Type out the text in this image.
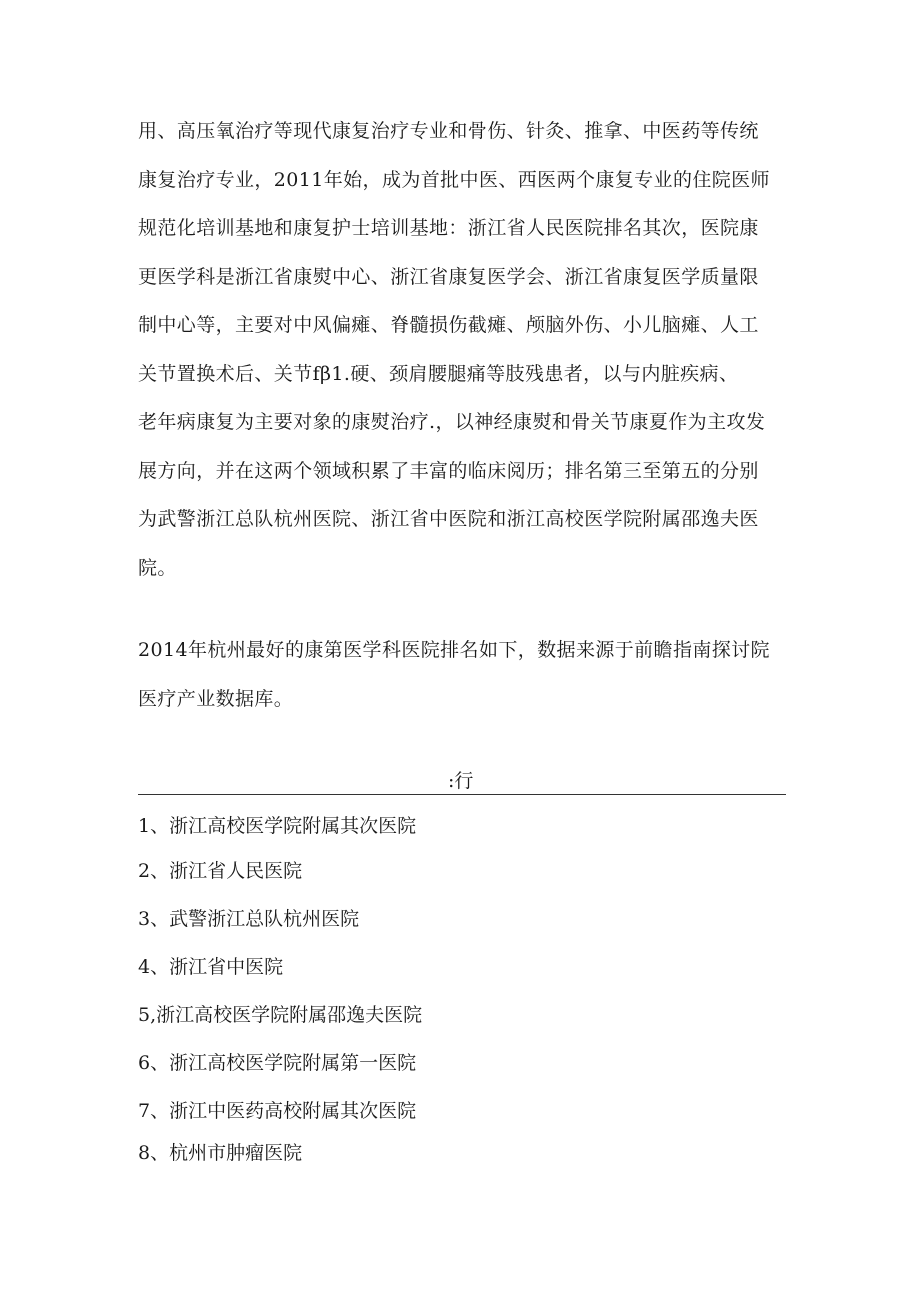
用、高压氧治疗等现代康复治疗专业和骨伤、针灸、推拿、中医药等传统
康复治疗专业，2011年始，成为首批中医、西医两个康复专业的住院医师
规范化培训基地和康复护士培训基地：浙江省人民医院排名其次，医院康
更医学科是浙江省康熨中心、浙江省康复医学会、浙江省康复医学质量限
制中心等，主要对中风偏瘫、脊髓损伤截瘫、颅脑外伤、小儿脑瘫、人工
关节置换术后、关节fβ1.硬、颈肩腰腿痛等肢残患者，以与内脏疾病、
老年病康复为主要对象的康熨治疗.，以神经康熨和骨关节康夏作为主攻发
展方向，并在这两个领域积累了丰富的临床阅历；排名第三至第五的分别
为武警浙江总队杭州医院、浙江省中医院和浙江高校医学院附属邵逸夫医
院。
2014年杭州最好的康第医学科医院排名如下，数据来源于前瞻指南探讨院
医疗产业数据库。
:行
1、浙江高校医学院附属其次医院
2、浙江省人民医院
3、武警浙江总队杭州医院
4、浙江省中医院
5,浙江高校医学院附属邵逸夫医院
6、浙江高校医学院附属第一医院
7、浙江中医药高校附属其次医院
8、杭州市肿瘤医院
